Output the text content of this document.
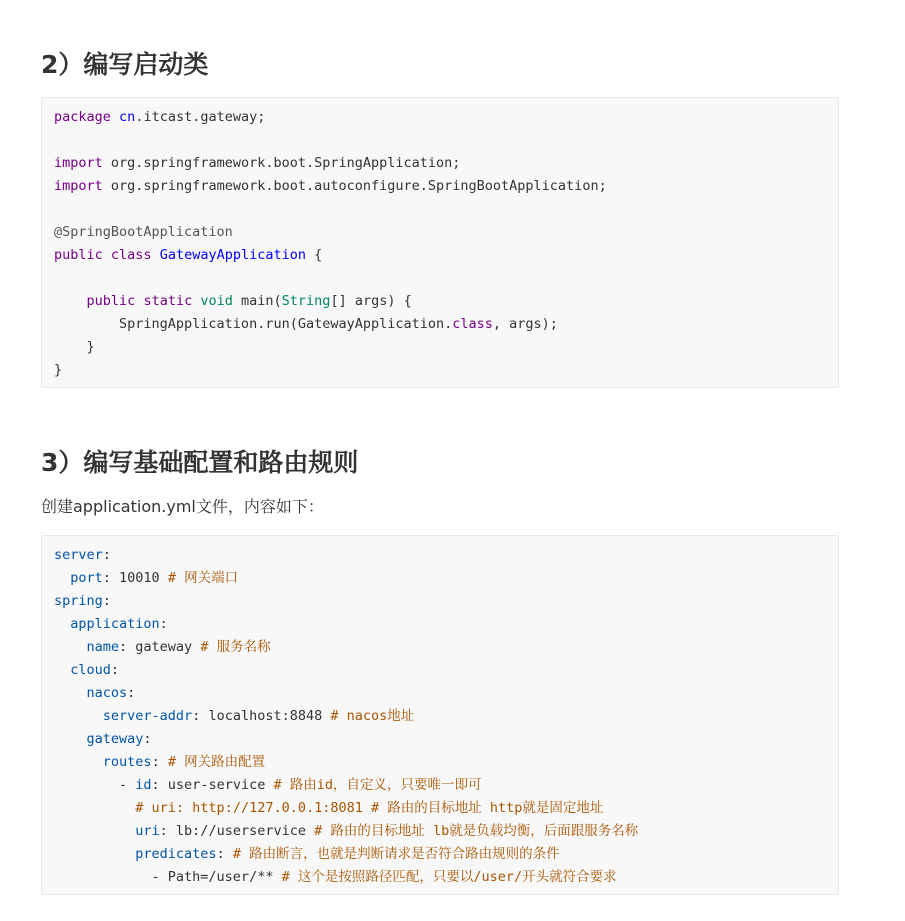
2）编写启动类
package cn.itcast.gateway;

import org.springframework.boot.SpringApplication;
import org.springframework.boot.autoconfigure.SpringBootApplication;

@SpringBootApplication
public class GatewayApplication {

public static void main(String[] args) {
SpringApplication.run(GatewayApplication.class, args);
}
}
3）编写基础配置和路由规则

创建application.yml文件，内容如下：

server:
port: 10010 # 网关端口
spring:
application:
name: gateway # 服务名称
cloud:
nacos:
server-addr: localhost:8848 # nacos地址
gateway:
routes: # 网关路由配置
- id: user-service # 路由id，自定义，只要唯一即可
# uri: http://127.0.0.1:8081 # 路由的目标地址 http就是固定地址
uri: lb://userservice # 路由的目标地址 lb就是负载均衡，后面跟服务名称
predicates: # 路由断言，也就是判断请求是否符合路由规则的条件
- Path=/user/** # 这个是按照路径匹配，只要以/user/开头就符合要求
